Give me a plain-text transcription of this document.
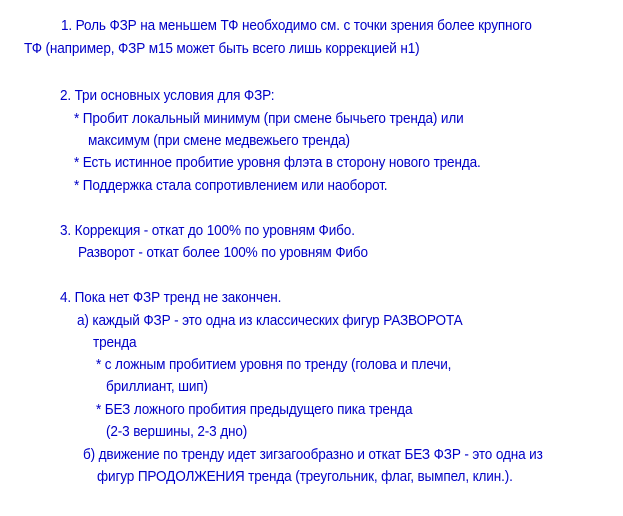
1. Роль ФЗР на меньшем ТФ необходимо см. с точки зрения более крупного
ТФ (например, ФЗР м15 может быть всего лишь коррекцией н1)
2. Три основных условия для ФЗР:
* Пробит локальный минимум (при смене бычьего тренда) или
максимум (при смене медвежьего тренда)
* Есть истинное пробитие уровня флэта в сторону нового тренда.
* Поддержка стала сопротивлением или наоборот.
3. Коррекция - откат до 100% по уровням Фибо.
Разворот - откат более 100% по уровням Фибо
4. Пока нет ФЗР тренд не закончен.
а) каждый ФЗР - это одна из классических фигур РАЗВОРОТА
тренда
* с ложным пробитием уровня по тренду (голова и плечи,
бриллиант, шип)
* БЕЗ ложного пробития предыдущего пика тренда
(2-3 вершины, 2-3 дно)
б) движение по тренду идет зигзагообразно и откат БЕЗ ФЗР - это одна из
фигур ПРОДОЛЖЕНИЯ тренда (треугольник, флаг, вымпел, клин.).
